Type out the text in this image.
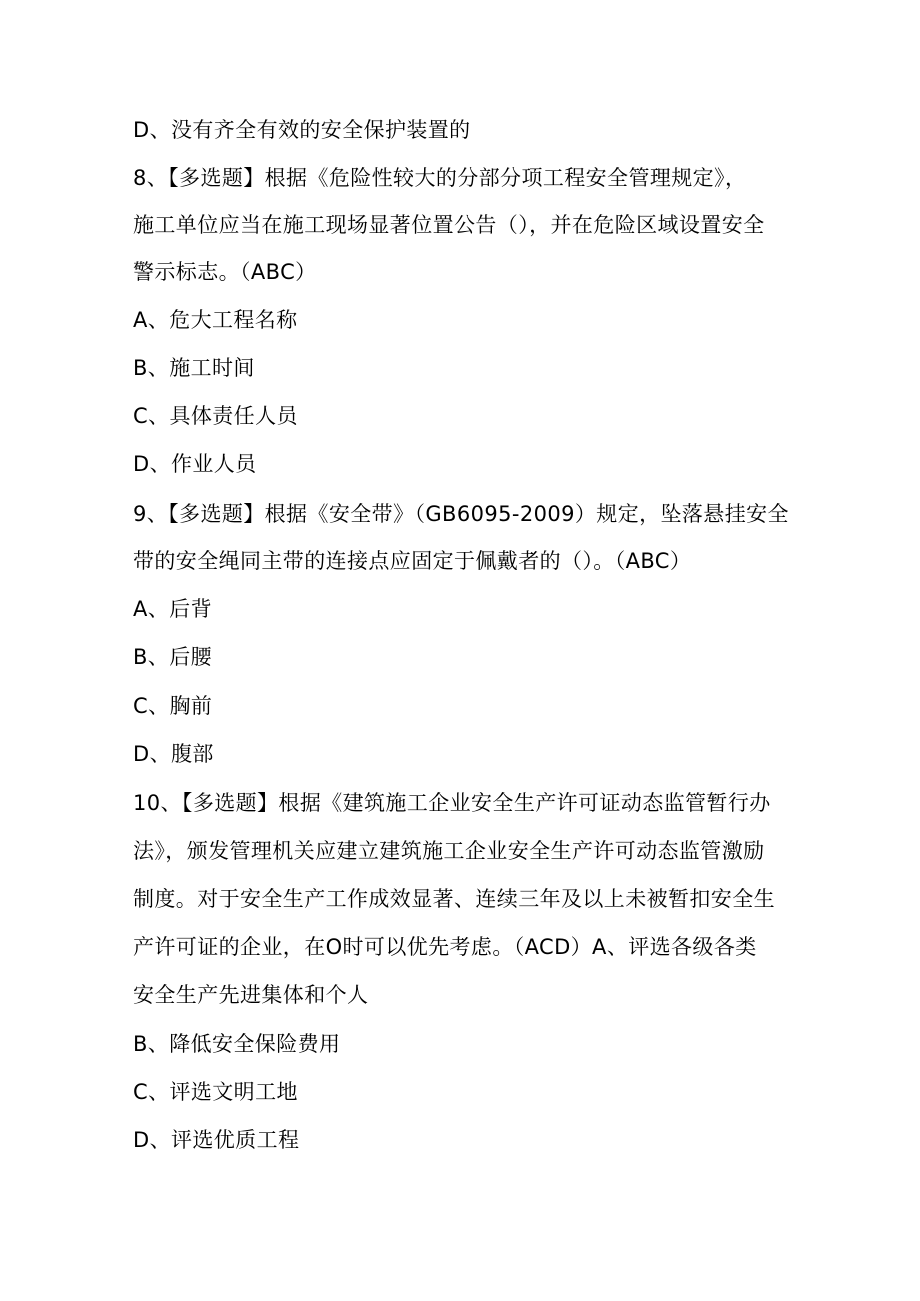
D、没有齐全有效的安全保护装置的
8、【多选题】根据《危险性较大的分部分项工程安全管理规定》，
施工单位应当在施工现场显著位置公告（），并在危险区域设置安全
警示标志。（ABC）
A、危大工程名称
B、施工时间
C、具体责任人员
D、作业人员
9、【多选题】根据《安全带》（GB6095-2009）规定，坠落悬挂安全
带的安全绳同主带的连接点应固定于佩戴者的（）。（ABC）
A、后背
B、后腰
C、胸前
D、腹部
10、【多选题】根据《建筑施工企业安全生产许可证动态监管暂行办
法》，颁发管理机关应建立建筑施工企业安全生产许可动态监管激励
制度。对于安全生产工作成效显著、连续三年及以上未被暂扣安全生
产许可证的企业，在O时可以优先考虑。（ACD）A、评选各级各类
安全生产先进集体和个人
B、降低安全保险费用
C、评选文明工地
D、评选优质工程
